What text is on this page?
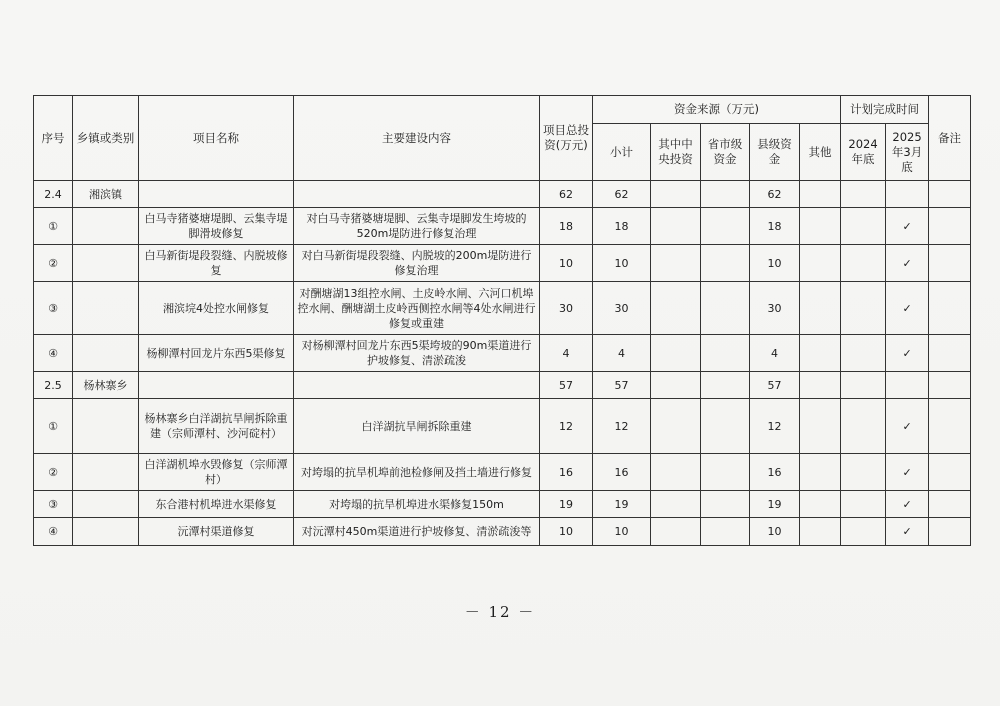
序号	乡镇或类别	项目名称	主要建设内容	项目总投资(万元)	资金来源（万元)					计划完成时间		备注
					小计	其中中央投资	省市级资金	县级资金	其他	2024年底	2025年3月底	
2.4	湘滨镇			62	62			62				
①		白马寺猪婆塘堤脚、云集寺堤脚滑坡修复	对白马寺猪婆塘堤脚、云集寺堤脚发生垮坡的520m堤防进行修复治理	18	18			18			✓	
②		白马新街堤段裂缝、内脱坡修复	对白马新街堤段裂缝、内脱坡的200m堤防进行修复治理	10	10			10			✓	
③		湘滨垸4处控水闸修复	对酬塘湖13组控水闸、土皮岭水闸、六河口机埠控水闸、酬塘湖土皮岭西侧控水闸等4处水闸进行修复或重建	30	30			30			✓	
④		杨柳潭村回龙片东西5渠修复	对杨柳潭村回龙片东西5渠垮坡的90m渠道进行护坡修复、清淤疏浚	4	4			4			✓	
2.5	杨林寨乡			57	57			57				
①		杨林寨乡白洋湖抗旱闸拆除重建（宗师潭村、沙河碇村）	白洋湖抗旱闸拆除重建	12	12			12			✓	
②		白洋湖机埠水毁修复（宗师潭村）	对垮塌的抗旱机埠前池检修闸及挡土墙进行修复	16	16			16			✓	
③		东合港村机埠进水渠修复	对垮塌的抗旱机埠进水渠修复150m	19	19			19			✓	
④		沅潭村渠道修复	对沅潭村450m渠道进行护坡修复、清淤疏浚等	10	10			10			✓	
－ 12 －
